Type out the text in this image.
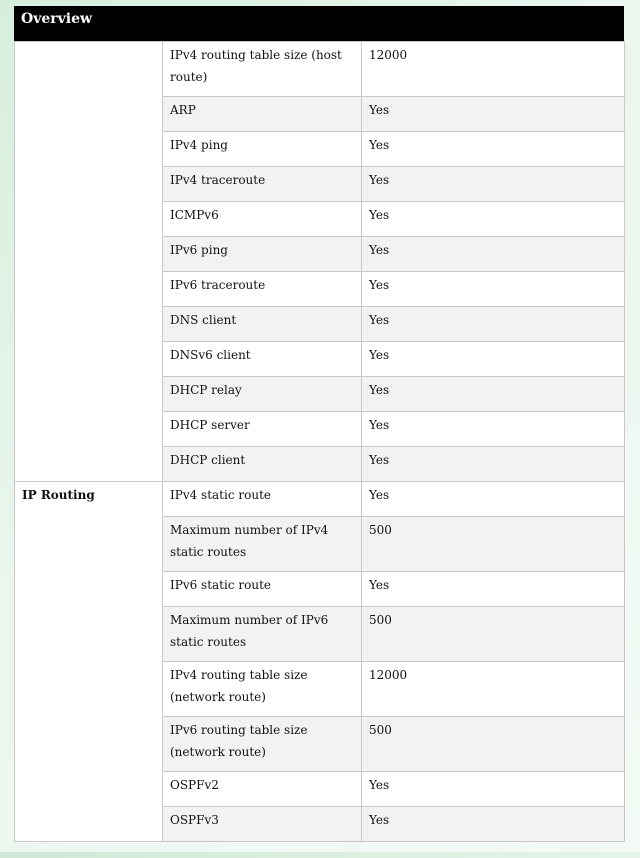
Overview
	IPv4 routing table size (host route)	12000
	ARP	Yes
	IPv4 ping	Yes
	IPv4 traceroute	Yes
	ICMPv6	Yes
	IPv6 ping	Yes
	IPv6 traceroute	Yes
	DNS client	Yes
	DNSv6 client	Yes
	DHCP relay	Yes
	DHCP server	Yes
	DHCP client	Yes
IP Routing	IPv4 static route	Yes
	Maximum number of IPv4 static routes	500
	IPv6 static route	Yes
	Maximum number of IPv6 static routes	500
	IPv4 routing table size (network route)	12000
	IPv6 routing table size (network route)	500
	OSPFv2	Yes
	OSPFv3	Yes
